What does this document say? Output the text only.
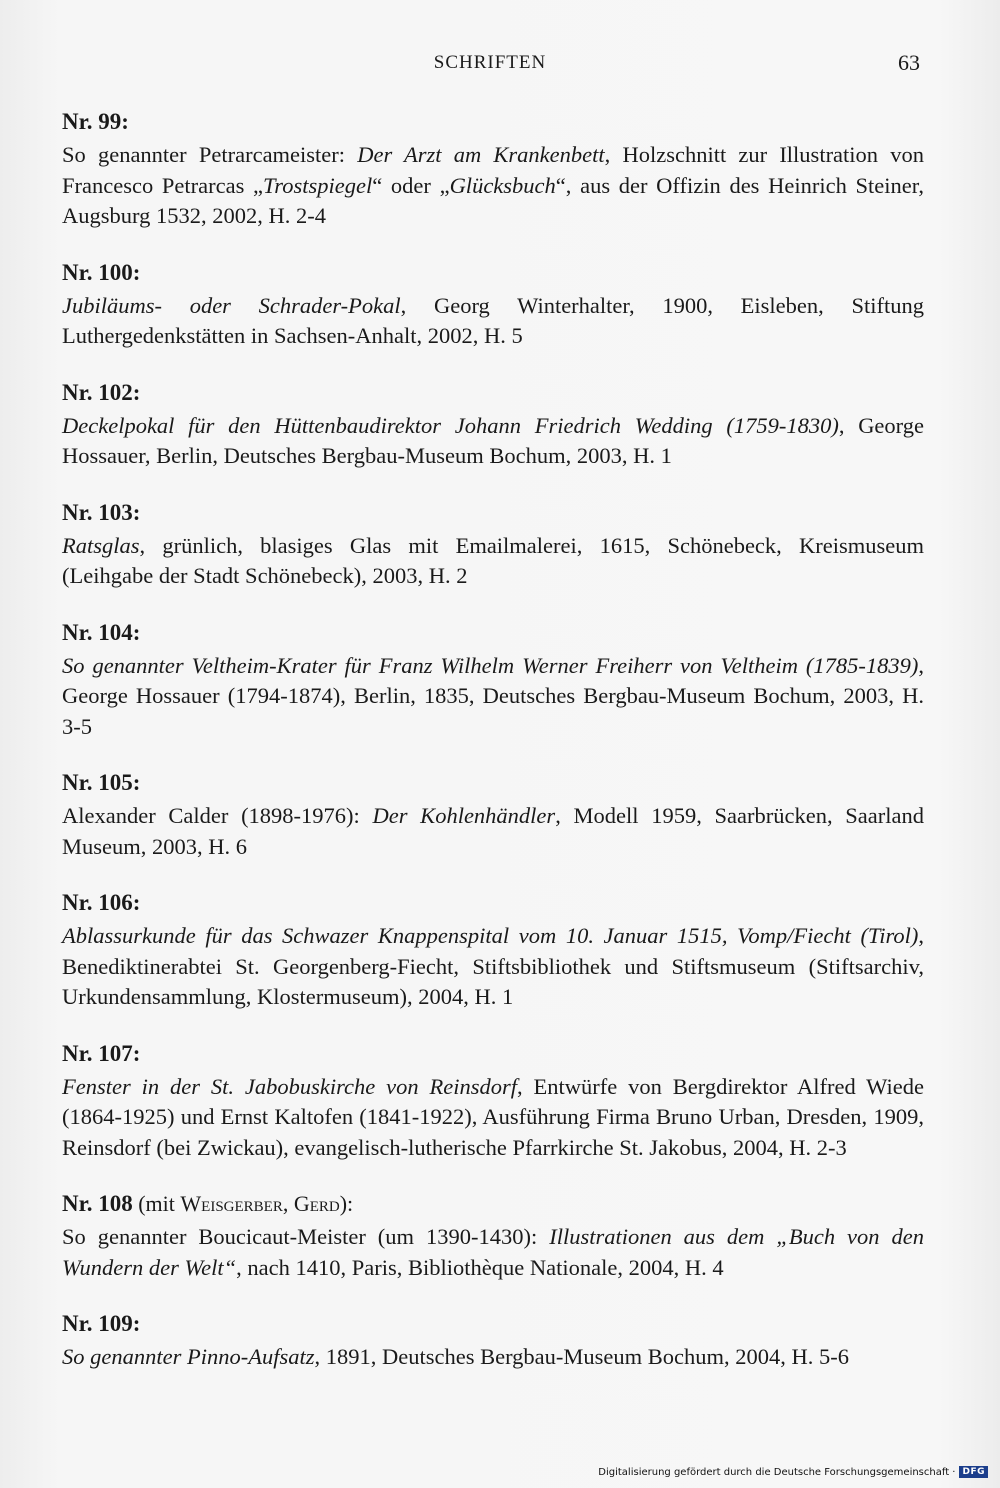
SCHRIFTEN	63
Nr. 99:

So genannter Petrarcameister: Der Arzt am Krankenbett, Holzschnitt zur Illustration von Francesco Petrarcas „Trostspiegel“ oder „Glücksbuch“, aus der Offizin des Heinrich Steiner, Augsburg 1532, 2002, H. 2-4

Nr. 100:

Jubiläums- oder Schrader-Pokal, Georg Winterhalter, 1900, Eisleben, Stiftung Luthergedenkstätten in Sachsen-Anhalt, 2002, H. 5

Nr. 102:

Deckelpokal für den Hüttenbaudirektor Johann Friedrich Wedding (1759-1830), George Hossauer, Berlin, Deutsches Bergbau-Museum Bochum, 2003, H. 1

Nr. 103:

Ratsglas, grünlich, blasiges Glas mit Emailmalerei, 1615, Schönebeck, Kreismuseum (Leihgabe der Stadt Schönebeck), 2003, H. 2

Nr. 104:

So genannter Veltheim-Krater für Franz Wilhelm Werner Freiherr von Veltheim (1785-1839), George Hossauer (1794-1874), Berlin, 1835, Deutsches Bergbau-Museum Bochum, 2003, H. 3-5

Nr. 105:

Alexander Calder (1898-1976): Der Kohlenhändler, Modell 1959, Saarbrücken, Saarland Museum, 2003, H. 6

Nr. 106:

Ablassurkunde für das Schwazer Knappenspital vom 10. Januar 1515, Vomp/Fiecht (Tirol), Benediktinerabtei St. Georgenberg-Fiecht, Stiftsbibliothek und Stiftsmuseum (Stiftsarchiv, Urkundensammlung, Klostermuseum), 2004, H. 1

Nr. 107:

Fenster in der St. Jabobuskirche von Reinsdorf, Entwürfe von Bergdirektor Alfred Wiede (1864-1925) und Ernst Kaltofen (1841-1922), Ausführung Firma Bruno Urban, Dresden, 1909, Reinsdorf (bei Zwickau), evangelisch-lutherische Pfarrkirche St. Jakobus, 2004, H. 2-3

Nr. 108 (mit Weisgerber, Gerd):

So genannter Boucicaut-Meister (um 1390-1430): Illustrationen aus dem „Buch von den Wundern der Welt“, nach 1410, Paris, Bibliothèque Nationale, 2004, H. 4

Nr. 109:

So genannter Pinno-Aufsatz, 1891, Deutsches Bergbau-Museum Bochum, 2004, H. 5-6

Digitalisierung gefördert durch die Deutsche Forschungsgemeinschaft · DFG
